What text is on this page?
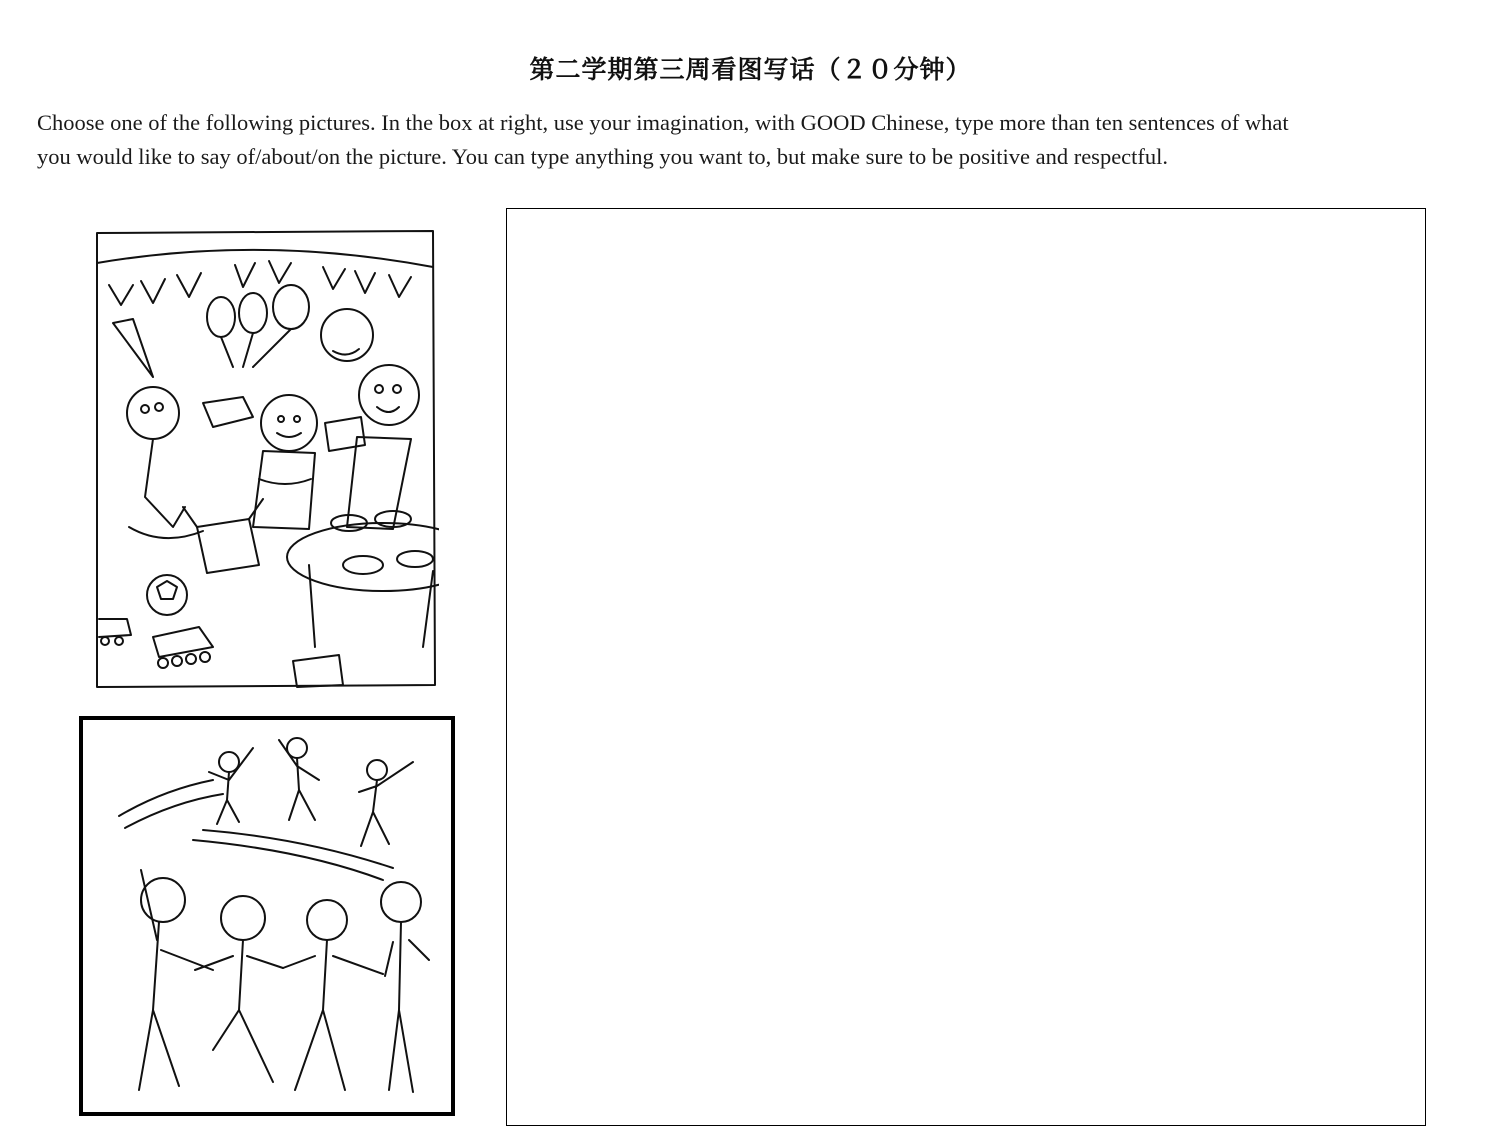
第二学期第三周看图写话（２０分钟）

Choose one of the following pictures. In the box at right, use your imagination, with GOOD Chinese, type more than ten sentences of what

you would like to say of/about/on the picture. You can type anything you want to, but make sure to be positive and respectful.
